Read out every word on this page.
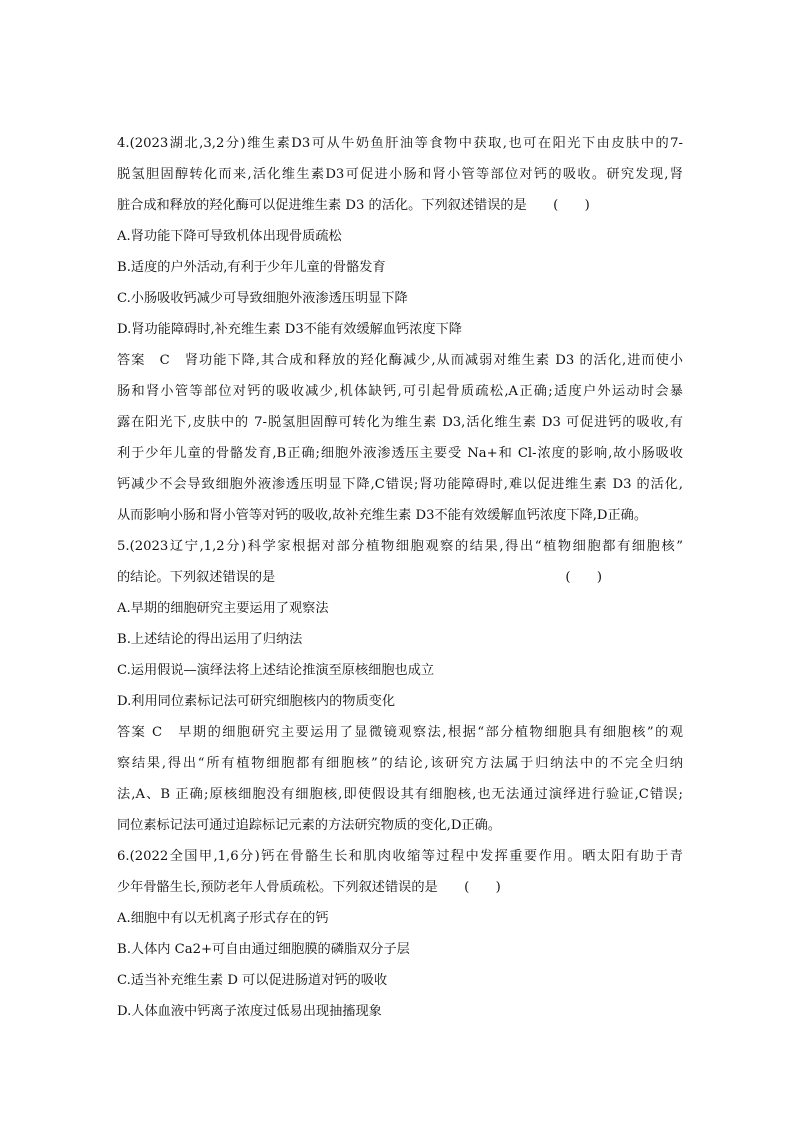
4.(2023湖北,3,2分)维生素D3可从牛奶鱼肝油等食物中获取,也可在阳光下由皮肤中的7-
脱氢胆固醇转化而来,活化维生素D3可促进小肠和肾小管等部位对钙的吸收。研究发现,肾
脏合成和释放的羟化酶可以促进维生素 D3 的活化。下列叙述错误的是　　(　　)
A.肾功能下降可导致机体出现骨质疏松
B.适度的户外活动,有利于少年儿童的骨骼发育
C.小肠吸收钙减少可导致细胞外液渗透压明显下降
D.肾功能障碍时,补充维生素 D3不能有效缓解血钙浓度下降
答案　C　肾功能下降,其合成和释放的羟化酶减少,从而减弱对维生素 D3 的活化,进而使小
肠和肾小管等部位对钙的吸收减少,机体缺钙,可引起骨质疏松,A正确;适度户外运动时会暴
露在阳光下,皮肤中的 7-脱氢胆固醇可转化为维生素 D3,活化维生素 D3 可促进钙的吸收,有
利于少年儿童的骨骼发育,B正确;细胞外液渗透压主要受 Na+和 Cl-浓度的影响,故小肠吸收
钙减少不会导致细胞外液渗透压明显下降,C错误;肾功能障碍时,难以促进维生素 D3 的活化,
从而影响小肠和肾小管等对钙的吸收,故补充维生素 D3不能有效缓解血钙浓度下降,D正确。
5.(2023辽宁,1,2分)科学家根据对部分植物细胞观察的结果,得出“植物细胞都有细胞核”
的结论。下列叙述错误的是　　　　　　　　　　　　　　　　　　　　　　(　　)
A.早期的细胞研究主要运用了观察法
B.上述结论的得出运用了归纳法
C.运用假说—演绎法将上述结论推演至原核细胞也成立
D.利用同位素标记法可研究细胞核内的物质变化
答案 C　早期的细胞研究主要运用了显微镜观察法,根据“部分植物细胞具有细胞核”的观
察结果,得出“所有植物细胞都有细胞核”的结论,该研究方法属于归纳法中的不完全归纳
法,A、B 正确;原核细胞没有细胞核,即使假设其有细胞核,也无法通过演绎进行验证,C错误;
同位素标记法可通过追踪标记元素的方法研究物质的变化,D正确。
6.(2022全国甲,1,6分)钙在骨骼生长和肌肉收缩等过程中发挥重要作用。晒太阳有助于青
少年骨骼生长,预防老年人骨质疏松。下列叙述错误的是　　(　　)
A.细胞中有以无机离子形式存在的钙
B.人体内 Ca2+可自由通过细胞膜的磷脂双分子层
C.适当补充维生素 D 可以促进肠道对钙的吸收
D.人体血液中钙离子浓度过低易出现抽搐现象
